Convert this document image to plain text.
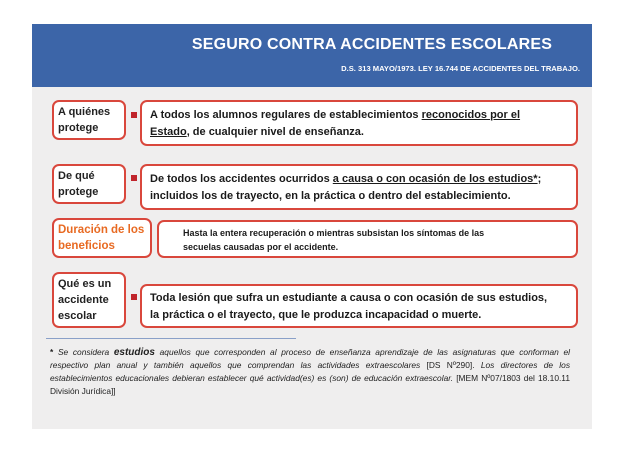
SEGURO CONTRA ACCIDENTES ESCOLARES
D.S. 313 MAYO/1973. LEY 16.744 DE ACCIDENTES DEL TRABAJO.
A quiénes
protege
A todos los alumnos regulares de establecimientos reconocidos por el
Estado, de cualquier nivel de enseñanza.
De qué
protege
De todos los accidentes ocurridos a causa o con ocasión de los estudios*;
incluidos los de trayecto, en la práctica o dentro del establecimiento.
Duración de los
beneficios
Hasta la entera recuperación o mientras subsistan los síntomas de las
secuelas causadas por el accidente.
Qué es un
accidente
escolar
Toda lesión que sufra un estudiante a causa o con ocasión de sus estudios,
la práctica o el trayecto, que le produzca incapacidad o muerte.
* Se considera estudios aquellos que corresponden al proceso de enseñanza aprendizaje de las asignaturas que conforman el respectivo plan anual y también aquellos que comprendan las actividades extraescolares [DS Nº290]. Los directores de los establecimientos educacionales debieran establecer qué actividad(es) es (son) de educación extraescolar. [MEM Nº07/1803 del 18.10.11 División Jurídica]]
